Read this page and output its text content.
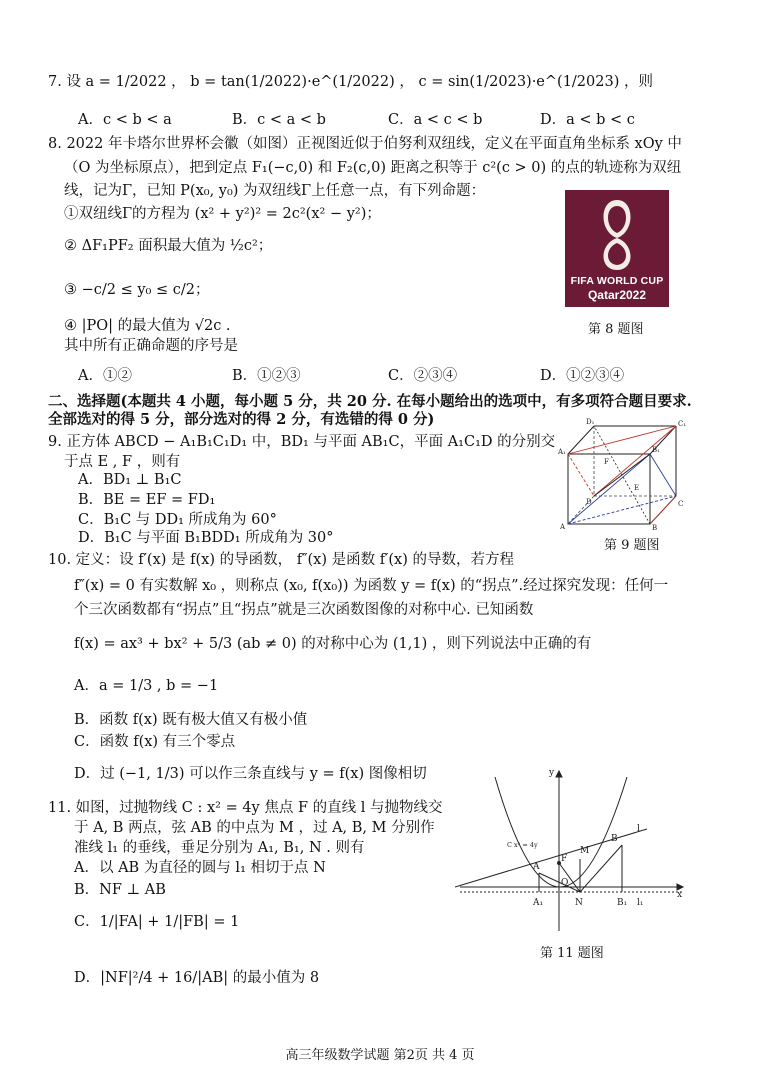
7. 设 a = 1/2022 ， b = tan(1/2022)·e^(1/2022) ， c = sin(1/2023)·e^(1/2023) ，则
A．c < b < a	B．c < a < b	C．a < c < b	D．a < b < c
8. 2022 年卡塔尔世界杯会徽（如图）正视图近似于伯努利双纽线，定义在平面直角坐标系 xOy 中
（O 为坐标原点），把到定点 F₁(−c,0) 和 F₂(c,0) 距离之积等于 c²(c > 0) 的点的轨迹称为双纽
线，记为Γ，已知 P(x₀, y₀) 为双纽线Γ上任意一点，有下列命题：
①双纽线Γ的方程为 (x² + y²)² = 2c²(x² − y²)；
② ΔF₁PF₂ 面积最大值为 ½c²；
③ −c/2 ≤ y₀ ≤ c/2；
④ |PO| 的最大值为 √2c .
其中所有正确命题的序号是
A．①②	B．①②③	C．②③④	D．①②③④
FIFA WORLD CUP
Qatar2022
第 8 题图
二、选择题(本题共 4 小题，每小题 5 分，共 20 分. 在每小题给出的选项中，有多项符合题目要求.
全部选对的得 5 分，部分选对的得 2 分，有选错的得 0 分)
9. 正方体 ABCD − A₁B₁C₁D₁ 中，BD₁ 与平面 AB₁C，平面 A₁C₁D 的分别交
于点 E , F ，则有
A．BD₁ ⊥ B₁C
B．BE = EF = FD₁
C．B₁C 与 DD₁ 所成角为 60°
D．B₁C 与平面 B₁BDD₁ 所成角为 30°
C₁
D₁
A₁	B₁
F
E
D	C
A	B
第 9 题图
10. 定义：设 f′(x) 是 f(x) 的导函数， f″(x) 是函数 f′(x) 的导数，若方程
f″(x) = 0 有实数解 x₀ ，则称点 (x₀, f(x₀)) 为函数 y = f(x) 的“拐点”.经过探究发现：任何一
个三次函数都有“拐点”且“拐点”就是三次函数图像的对称中心. 已知函数
f(x) = ax³ + bx² + 5/3 (ab ≠ 0) 的对称中心为 (1,1) ，则下列说法中正确的有
A．a = 1/3 , b = −1
B．函数 f(x) 既有极大值又有极小值
C．函数 f(x) 有三个零点
D．过 (−1, 1/3) 可以作三条直线与 y = f(x) 图像相切
11. 如图，过抛物线 C : x² = 4y 焦点 F 的直线 l 与抛物线交
于 A, B 两点，弦 AB 的中点为 M ，过 A, B, M 分别作
准线 l₁ 的垂线，垂足分别为 A₁, B₁, N . 则有
A．以 AB 为直径的圆与 l₁ 相切于点 N
B．NF ⊥ AB
C．1/|FA| + 1/|FB| = 1
D．|NF|²/4 + 16/|AB| 的最小值为 8
y
C x² = 4y
B
l
M
F
A
O
x
A₁	N	B₁ l₁
第 11 题图
高三年级数学试题 第2页 共 4 页
